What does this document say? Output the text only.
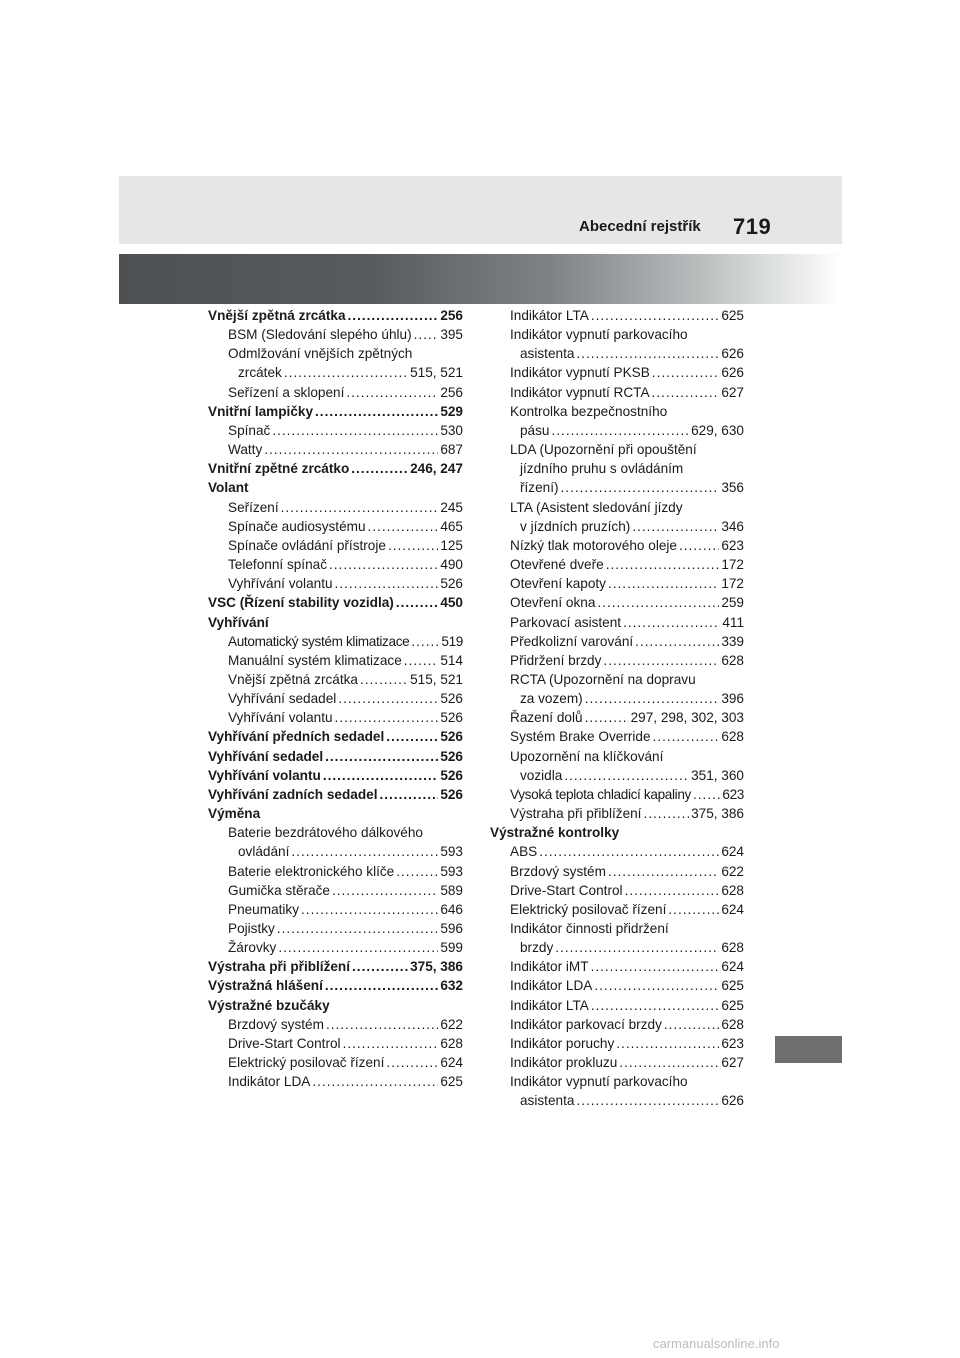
Abecední rejstřík 719
Vnější zpětná zrcátka .....	256
BSM (Sledování slepého úhlu) ..... 395
Odmlžování vnějších zpětných
zrcátek .....	515, 521
Seřízení a sklopení .....	256
Vnitřní lampičky .....	529
Spínač .....	530
Watty .....	687
Vnitřní zpětné zrcátko .....	246, 247
Volant
Seřízení .....	245
Spínače audiosystému .....	465
Spínače ovládání přístroje .....	125
Telefonní spínač .....	490
Vyhřívání volantu .....	526
VSC (Řízení stability vozidla) .....	450
Vyhřívání
Automatický systém klimatizace ..... 519
Manuální systém klimatizace .....	514
Vnější zpětná zrcátka .....	515, 521
Vyhřívání sedadel .....	526
Vyhřívání volantu .....	526
Vyhřívání předních sedadel .....	526
Vyhřívání sedadel .....	526
Vyhřívání volantu .....	526
Vyhřívání zadních sedadel .....	526
Výměna
Baterie bezdrátového dálkového
ovládání .....	593
Baterie elektronického klíče .....	593
Gumička stěrače .....	589
Pneumatiky .....	646
Pojistky .....	596
Žárovky .....	599
Výstraha při přiblížení .....	375, 386
Výstražná hlášení .....	632
Výstražné bzučáky
Brzdový systém .....	622
Drive-Start Control .....	628
Elektrický posilovač řízení .....	624
Indikátor LDA .....	625
Indikátor LTA .....	625
Indikátor vypnutí parkovacího
asistenta .....	626
Indikátor vypnutí PKSB .....	626
Indikátor vypnutí RCTA .....	627
Kontrolka bezpečnostního
pásu .....	629, 630
LDA (Upozornění při opouštění
jízdního pruhu s ovládáním
řízení) .....	356
LTA (Asistent sledování jízdy
v jízdních pruzích) .....	346
Nízký tlak motorového oleje .....	623
Otevřené dveře .....	172
Otevření kapoty .....	172
Otevření okna .....	259
Parkovací asistent .....	411
Předkolizní varování .....	339
Přidržení brzdy .....	628
RCTA (Upozornění na dopravu
za vozem) .....	396
Řazení dolů .....	297, 298, 302, 303
Systém Brake Override .....	628
Upozornění na klíčkování
vozidla .....	351, 360
Vysoká teplota chladicí kapaliny ..... 623
Výstraha při přiblížení .....	375, 386
Výstražné kontrolky
ABS .....	624
Brzdový systém .....	622
Drive-Start Control .....	628
Elektrický posilovač řízení .....	624
Indikátor činnosti přidržení
brzdy .....	628
Indikátor iMT .....	624
Indikátor LDA .....	625
Indikátor LTA .....	625
Indikátor parkovací brzdy .....	628
Indikátor poruchy .....	623
Indikátor prokluzu .....	627
Indikátor vypnutí parkovacího
asistenta .....	626
carmanualsonline.info
